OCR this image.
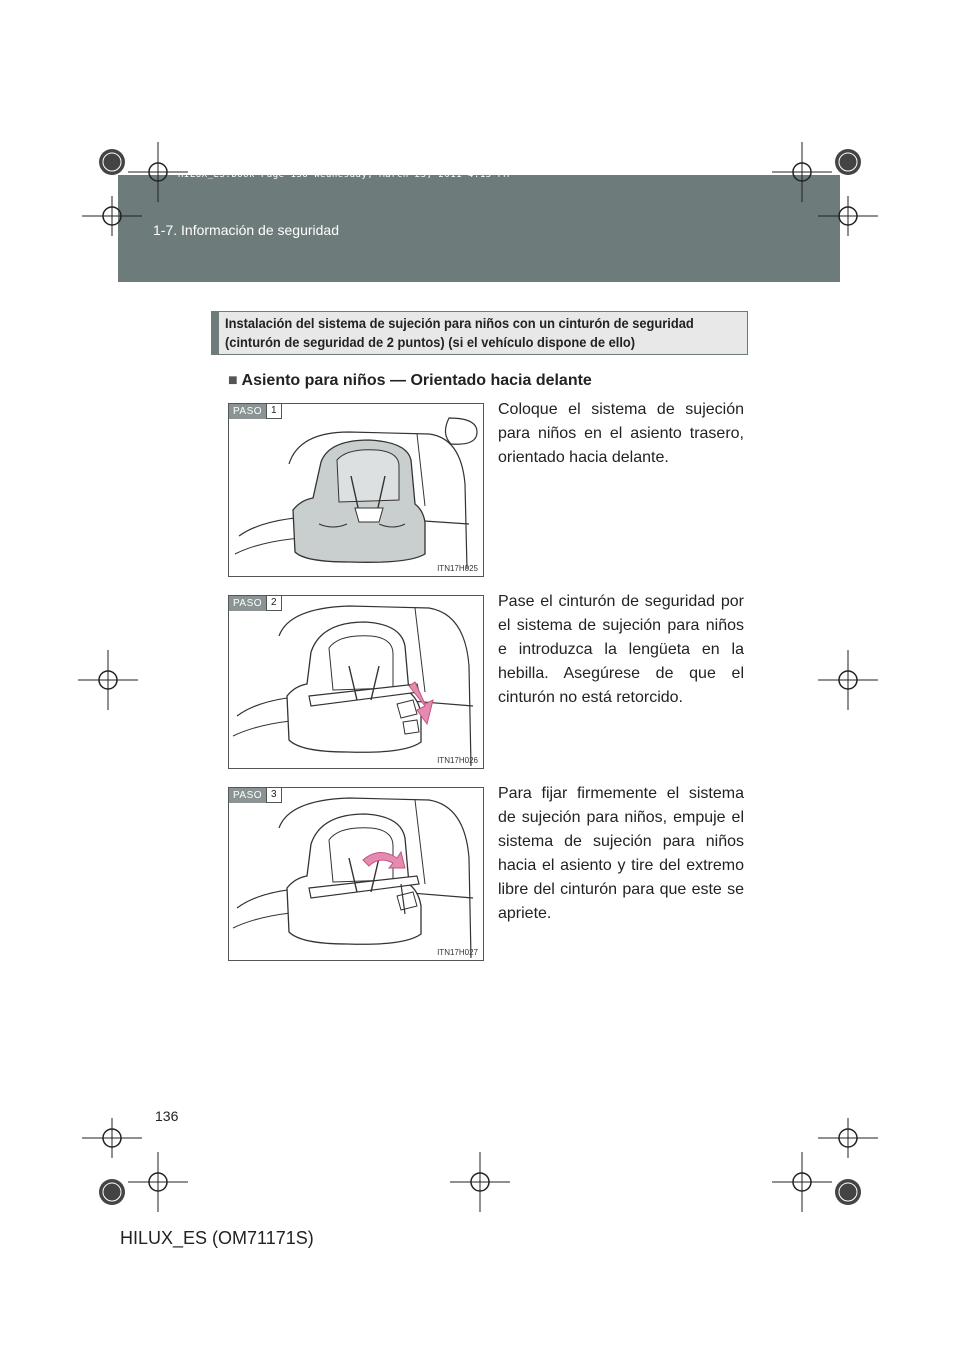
HILUX_ES.book Page 136 Wednesday, March 23, 2011 4:15 PM
1-7. Información de seguridad
Instalación del sistema de sujeción para niños con un cinturón de seguridad
(cinturón de seguridad de 2 puntos) (si el vehículo dispone de ello)
■ Asiento para niños — Orientado hacia delante
PASO 1
ITN17H025
Coloque el sistema de sujeción para niños en el asiento trasero, orientado hacia delante.
PASO 2
ITN17H026
Pase el cinturón de seguridad por el sistema de sujeción para niños e introduzca la lengüeta en la hebilla. Asegúrese de que el cinturón no está retorcido.
PASO 3
ITN17H027
Para fijar firmemente el sistema de sujeción para niños, empuje el sistema de sujeción para niños hacia el asiento y tire del extremo libre del cinturón para que este se apriete.
136
HILUX_ES (OM71171S)
